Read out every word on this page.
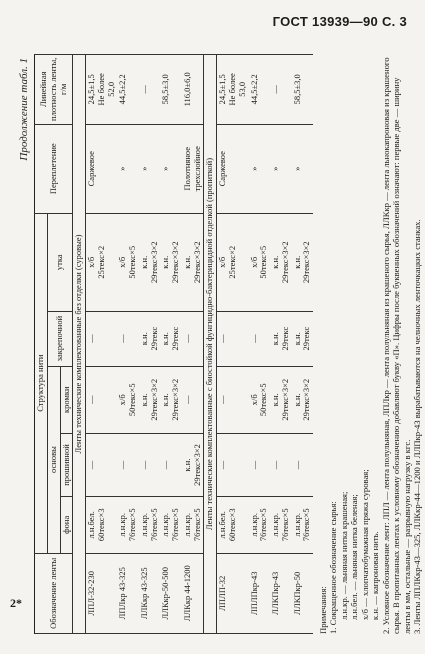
ГОСТ 13939—90 С. 3
2*
Продолжение табл. 1
Обозначение ленты	Структура нити					Переплетение	Линейная плотность ленты, г/м
	основы			закрепочной	утка		
	фона	прошивной	кромки				
Ленты технические комплектованные без отделки (суровые)							
ЛПЛ-32-230	л.н.бел. 60текс×3	—	—	—	х/б 25текс×2	Саржевое	24,5±1,5 Не более 52,0

ЛПЛкр 43-325	л.н.кр. 76текс×5	—	х/б 50текс×5	—	х/б 50текс×5	»	44,5±2,2

ЛЛКкр 43-325	л.н.кр. 76текс×5	—	к.н. 29текс×3×2	к.н. 29текс	к.н. 29текс×3×2	»	—

ЛЛКкр-50-500	л.н.кр. 76текс×5	—	к.н. 29текс×3×2	к.н. 29текс	к.н. 29текс×3×2	»	58,5±3,0

ЛЛКкр 44-1200	л.н.кр. 76текс×5	к.н. 29текс×3×2	—	—	к.н. 29текс×3×2	Полотняное трехслойное	116,0±6,0

Ленты технические комплектованные с биостойкой фунгицидно-бактерицидной отделкой (пропиткой)							
ЛПЛП-32	л.н.бел. 60текс×3	—	—	—	х/б 25текс×2	Саржевое	24,5±1,5 Не более 53,0

ЛПЛПкр-43	л.н.кр. 76текс×5	—	х/б 50текс×5	—	х/б 50текс×5	»	44,5±2,2

ЛЛКПкр-43	л.н.кр. 76текс×5	—	к.н. 29текс×3×2	к.н. 29текс	к.н. 29текс×3×2	»	—

ЛЛКПкр-50	л.н.кр. 76текс×5	—	к.н. 29текс×3×2	к.н. 29текс	к.н. 29текс×3×2	»	58,5±3,0

Примечания: 1. Сокращенное обозначение сырья: л.н.кр. — льняная нитка крашеная; л.н.бел. — льняная нитка беленая; х/б — хлопчатобумажная пряжа суровая; к.н. — капроновая нить. 2. Условное обозначение лент: ЛПЛ — лента полульняная, ЛПЛкр — лента полульняная из крашеного сырья, ЛЛКкр — лента льнокапроновая из крашеного сырья. В пропитанных лентах к условному обозначению добавляют букву «П». Цифры после буквенных обозначений означают: первые две — ширину ленты в мм, остальные — разрывную нагрузку в кгс. 3. Ленты ЛПЛКкр-43—325, ЛЛКкр-44—1200 и ЛЛПкр-43 вырабатываются на челночных ленточкацких станках.
